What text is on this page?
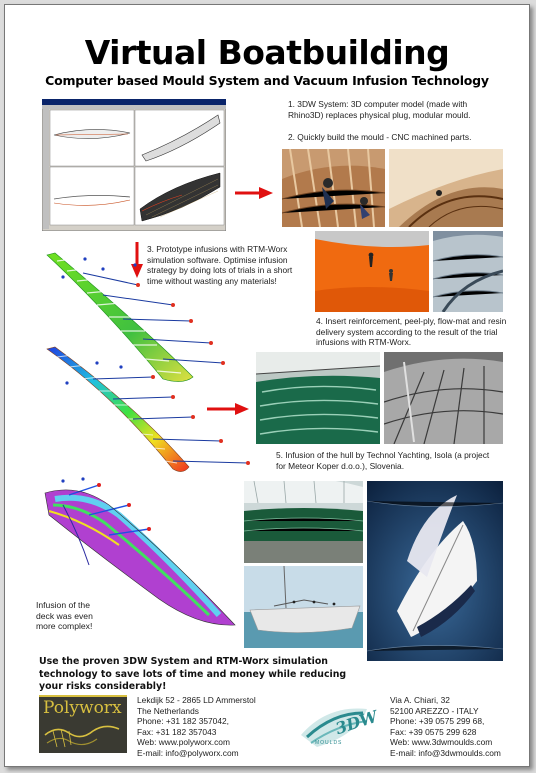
Virtual Boatbuilding
Computer based Mould System and Vacuum Infusion Technology
1. 3DW System: 3D computer model (made with Rhino3D) replaces physical plug, modular mould.
2. Quickly build the mould - CNC machined parts.
3. Prototype infusions with RTM-Worx simulation software. Optimise infusion strategy by doing lots of trials in a short time without wasting any materials!
4. Insert reinforcement, peel-ply, flow-mat and resin delivery system according to the result of the trial infusions with RTM-Worx.
5. Infusion of the hull by Technol Yachting, Isola (a project for Meteor Koper d.o.o.), Slovenia.
Infusion of the deck was even more complex!
Use the proven 3DW System and RTM-Worx simulation technology to save lots of time and money while reducing your risks considerably!
Polyworx Lekdijk 52 - 2865 LD Ammerstol
The Netherlands
Phone: +31 182 357042,
Fax: +31 182 357043
Web: www.polyworx.com
E-mail: info@polyworx.com
3DW
MOULDS
Via A. Chiari, 32
52100 AREZZO - ITALY
Phone: +39 0575 299 68,
Fax: +39 0575 299 628
Web: www.3dwmoulds.com
E-mail: info@3dwmoulds.com
